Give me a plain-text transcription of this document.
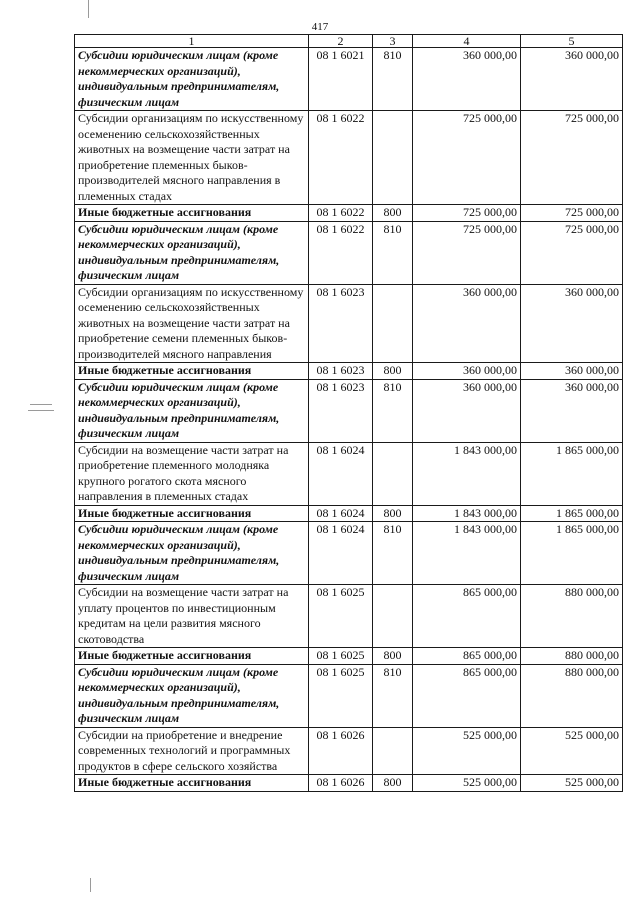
417
1	2	3	4	5
Субсидии юридическим лицам (кроме некоммерческих организаций), индивидуальным предпринимателям, физическим лицам	08 1 6021	810	360 000,00	360 000,00
Субсидии организациям по искусственному осеменению сельскохозяйственных животных на возмещение части затрат на приобретение племенных быков-производителей мясного направления в племенных стадах	08 1 6022		725 000,00	725 000,00
Иные бюджетные ассигнования	08 1 6022	800	725 000,00	725 000,00
Субсидии юридическим лицам (кроме некоммерческих организаций), индивидуальным предпринимателям, физическим лицам	08 1 6022	810	725 000,00	725 000,00
Субсидии организациям по искусственному осеменению сельскохозяйственных животных на возмещение части затрат на приобретение семени племенных быков-производителей мясного направления	08 1 6023		360 000,00	360 000,00
Иные бюджетные ассигнования	08 1 6023	800	360 000,00	360 000,00
Субсидии юридическим лицам (кроме некоммерческих организаций), индивидуальным предпринимателям, физическим лицам	08 1 6023	810	360 000,00	360 000,00
Субсидии на возмещение части затрат на приобретение племенного молодняка крупного рогатого скота мясного направления в племенных стадах	08 1 6024		1 843 000,00	1 865 000,00
Иные бюджетные ассигнования	08 1 6024	800	1 843 000,00	1 865 000,00
Субсидии юридическим лицам (кроме некоммерческих организаций), индивидуальным предпринимателям, физическим лицам	08 1 6024	810	1 843 000,00	1 865 000,00
Субсидии на возмещение части затрат на уплату процентов по инвестиционным кредитам на цели развития мясного скотоводства	08 1 6025		865 000,00	880 000,00
Иные бюджетные ассигнования	08 1 6025	800	865 000,00	880 000,00
Субсидии юридическим лицам (кроме некоммерческих организаций), индивидуальным предпринимателям, физическим лицам	08 1 6025	810	865 000,00	880 000,00
Субсидии на приобретение и внедрение современных технологий и программных продуктов в сфере сельского хозяйства	08 1 6026		525 000,00	525 000,00
Иные бюджетные ассигнования	08 1 6026	800	525 000,00	525 000,00
